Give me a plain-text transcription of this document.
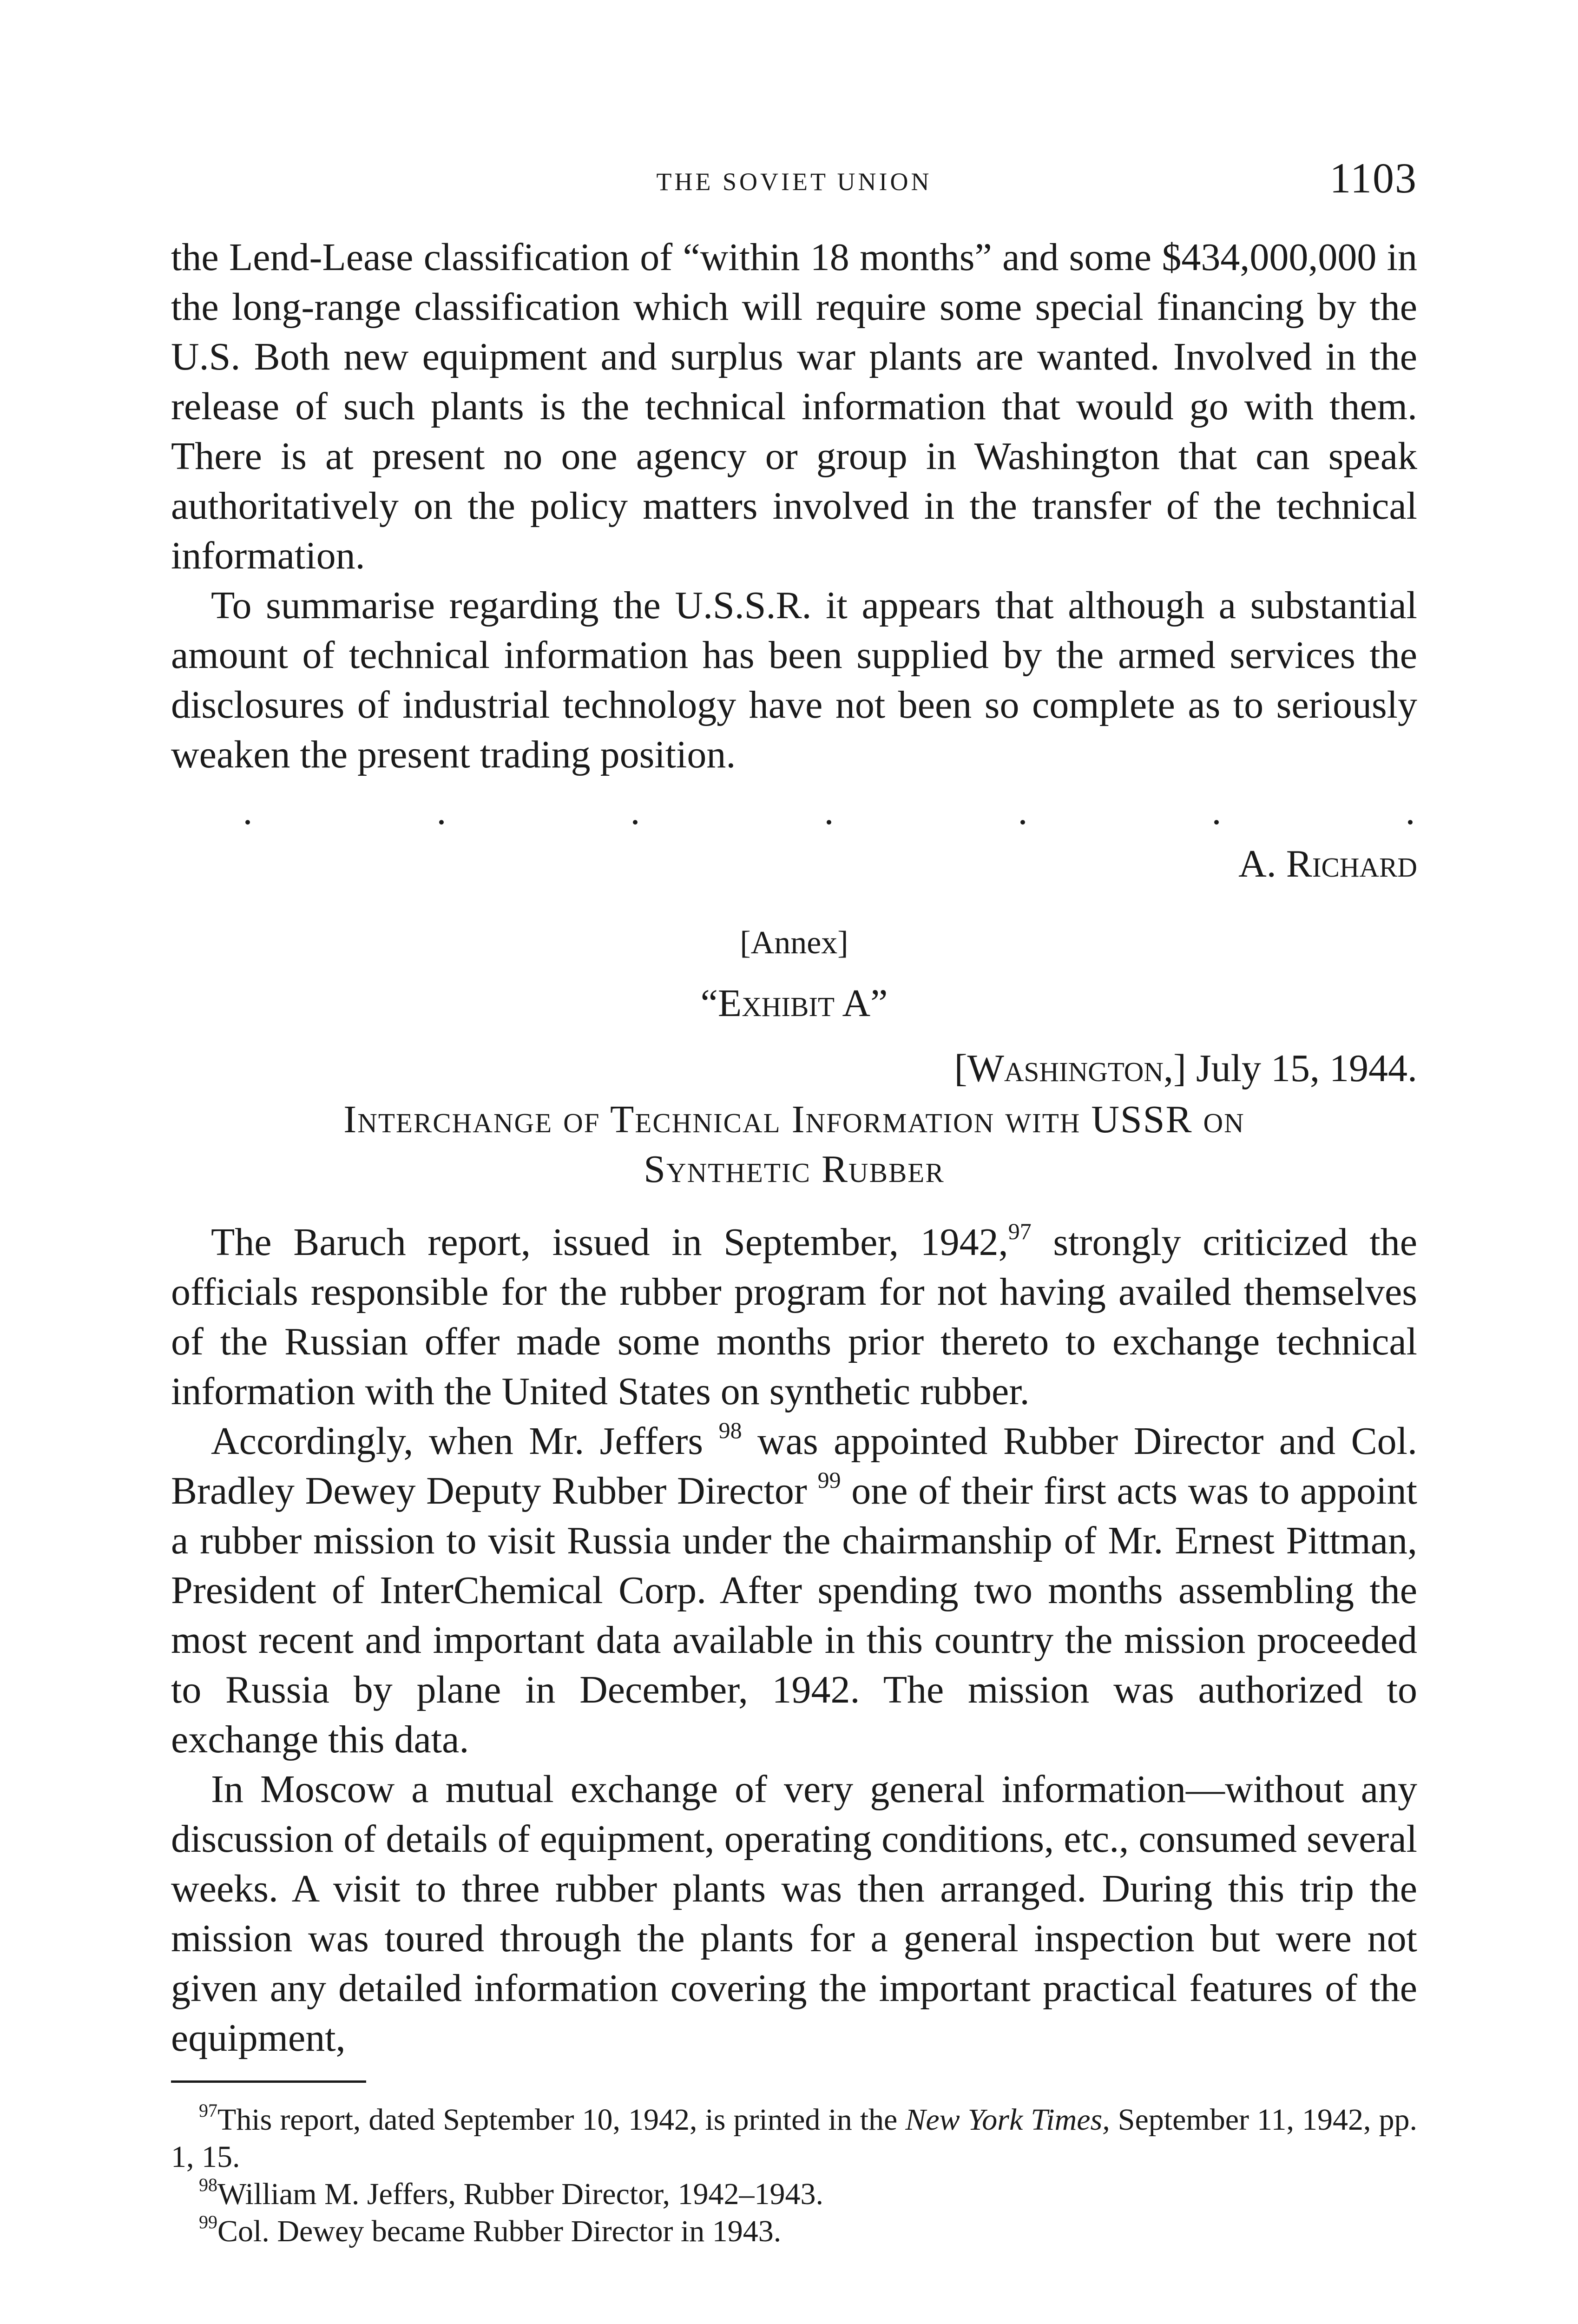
THE SOVIET UNION	1103

the Lend-Lease classification of “within 18 months” and some $434,000,000 in the long-range classification which will require some special financing by the U.S. Both new equipment and surplus war plants are wanted. Involved in the release of such plants is the technical information that would go with them. There is at present no one agency or group in Washington that can speak authoritatively on the policy matters involved in the transfer of the technical information.

To summarise regarding the U.S.S.R. it appears that although a substantial amount of technical information has been supplied by the armed services the disclosures of industrial technology have not been so complete as to seriously weaken the present trading position.

.	.	.	.	.	.	.
A. Richard
[Annex]
“Exhibit A”
[Washington,] July 15, 1944.
Interchange of Technical Information with USSR on
Synthetic Rubber

The Baruch report, issued in September, 1942,97 strongly criticized the officials responsible for the rubber program for not having availed themselves of the Russian offer made some months prior thereto to exchange technical information with the United States on synthetic rubber.

Accordingly, when Mr. Jeffers $^{98}$ was appointed Rubber Director and Col. Bradley Dewey Deputy Rubber Director $^{99}$ one of their first acts was to appoint a rubber mission to visit Russia under the chairmanship of Mr. Ernest Pittman, President of InterChemical Corp. After spending two months assembling the most recent and important data available in this country the mission proceeded to Russia by plane in December, 1942. The mission was authorized to exchange this data.

In Moscow a mutual exchange of very general information—without any discussion of details of equipment, operating conditions, etc., consumed several weeks. A visit to three rubber plants was then arranged. During this trip the mission was toured through the plants for a general inspection but were not given any detailed information covering the important practical features of the equipment,

$^{97}$This report, dated September 10, 1942, is printed in the New York Times, September 11, 1942, pp. 1, 15.

$^{98}$William M. Jeffers, Rubber Director, 1942–1943.

$^{99}$Col. Dewey became Rubber Director in 1943.
